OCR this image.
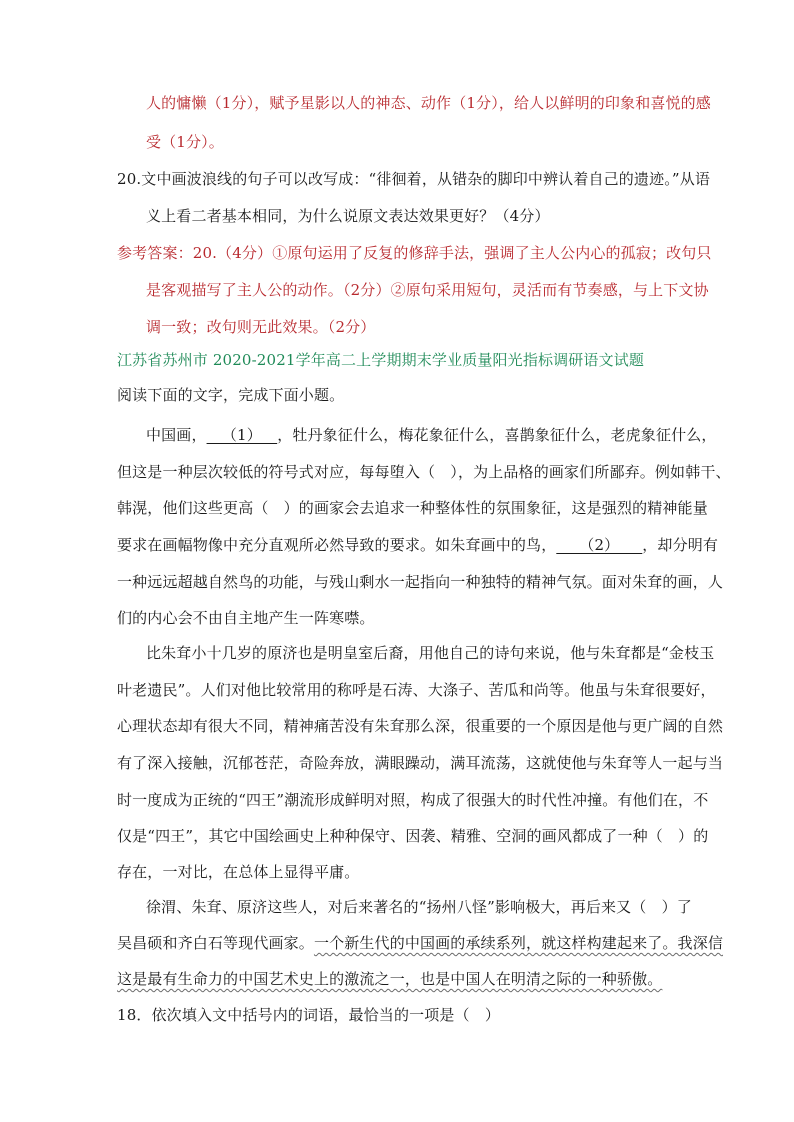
人的慵懒（1分），赋予星影以人的神态、动作（1分），给人以鲜明的印象和喜悦的感
受（1分）。
20.文中画波浪线的句子可以改写成：“徘徊着，从错杂的脚印中辨认着自己的遗迹。”从语
义上看二者基本相同，为什么说原文表达效果更好？（4分）
参考答案：20.（4分）①原句运用了反复的修辞手法，强调了主人公内心的孤寂；改句只
是客观描写了主人公的动作。（2分）②原句采用短句，灵活而有节奏感，与上下文协
调一致；改句则无此效果。（2分）
江苏省苏州市 2020-2021学年高二上学期期末学业质量阳光指标调研语文试题
阅读下面的文字，完成下面小题。
中国画，__（1）__，牡丹象征什么，梅花象征什么，喜鹊象征什么，老虎象征什么，
但这是一种层次较低的符号式对应，每每堕入（　），为上品格的画家们所鄙弃。例如韩干、
韩滉，他们这些更高（　）的画家会去追求一种整体性的氛围象征，这是强烈的精神能量
要求在画幅物像中充分直观所必然导致的要求。如朱耷画中的鸟，___（2）___，却分明有
一种远远超越自然鸟的功能，与残山剩水一起指向一种独特的精神气氛。面对朱耷的画，人
们的内心会不由自主地产生一阵寒噤。
比朱耷小十几岁的原济也是明皇室后裔，用他自己的诗句来说，他与朱耷都是“金枝玉
叶老遗民”。人们对他比较常用的称呼是石涛、大涤子、苦瓜和尚等。他虽与朱耷很要好，
心理状态却有很大不同，精神痛苦没有朱耷那么深，很重要的一个原因是他与更广阔的自然
有了深入接触，沉郁苍茫，奇险奔放，满眼躁动，满耳流荡，这就使他与朱耷等人一起与当
时一度成为正统的“四王”潮流形成鲜明对照，构成了很强大的时代性冲撞。有他们在，不
仅是“四王”，其它中国绘画史上种种保守、因袭、精雅、空洞的画风都成了一种（　）的
存在，一对比，在总体上显得平庸。
徐渭、朱耷、原济这些人，对后来著名的“扬州八怪”影响极大，再后来又（　）了
吴昌硕和齐白石等现代画家。一个新生代的中国画的承续系列，就这样构建起来了。我深信
这是最有生命力的中国艺术史上的激流之一，也是中国人在明清之际的一种骄傲。
18．依次填入文中括号内的词语，最恰当的一项是（　）
